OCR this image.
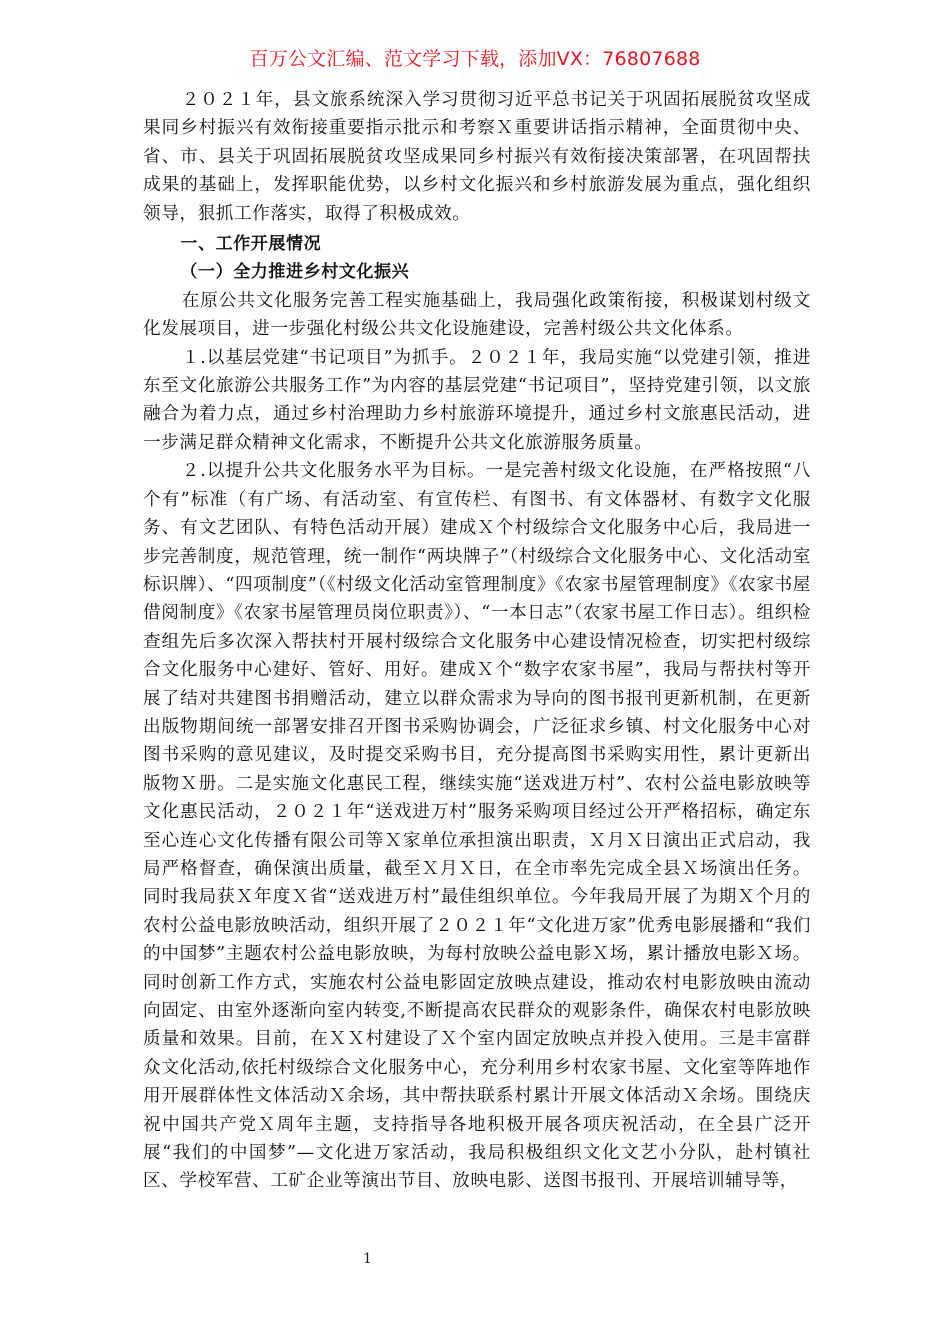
百万公文汇编、范文学习下载，添加VX：76807688

２０２１年，县文旅系统深入学习贯彻习近平总书记关于巩固拓展脱贫攻坚成果同乡村振兴有效衔接重要指示批示和考察Ｘ重要讲话指示精神，全面贯彻中央、省、市、县关于巩固拓展脱贫攻坚成果同乡村振兴有效衔接决策部署，在巩固帮扶成果的基础上，发挥职能优势，以乡村文化振兴和乡村旅游发展为重点，强化组织领导，狠抓工作落实，取得了积极成效。

一、工作开展情况

（一）全力推进乡村文化振兴

在原公共文化服务完善工程实施基础上，我局强化政策衔接，积极谋划村级文化发展项目，进一步强化村级公共文化设施建设，完善村级公共文化体系。

１.以基层党建“书记项目”为抓手。２０２１年，我局实施“以党建引领，推进东至文化旅游公共服务工作”为内容的基层党建“书记项目”，坚持党建引领，以文旅融合为着力点，通过乡村治理助力乡村旅游环境提升，通过乡村文旅惠民活动，进一步满足群众精神文化需求，不断提升公共文化旅游服务质量。

２.以提升公共文化服务水平为目标。一是完善村级文化设施，在严格按照“八个有”标准（有广场、有活动室、有宣传栏、有图书、有文体器材、有数字文化服务、有文艺团队、有特色活动开展）建成Ｘ个村级综合文化服务中心后，我局进一步完善制度，规范管理，统一制作“两块牌子”（村级综合文化服务中心、文化活动室标识牌）、“四项制度”（《村级文化活动室管理制度》《农家书屋管理制度》《农家书屋借阅制度》《农家书屋管理员岗位职责》）、“一本日志”（农家书屋工作日志）。组织检查组先后多次深入帮扶村开展村级综合文化服务中心建设情况检查，切实把村级综合文化服务中心建好、管好、用好。建成Ｘ个“数字农家书屋”，我局与帮扶村等开展了结对共建图书捐赠活动，建立以群众需求为导向的图书报刊更新机制，在更新出版物期间统一部署安排召开图书采购协调会，广泛征求乡镇、村文化服务中心对图书采购的意见建议，及时提交采购书目，充分提高图书采购实用性，累计更新出版物Ｘ册。二是实施文化惠民工程，继续实施“送戏进万村”、农村公益电影放映等文化惠民活动，２０２１年“送戏进万村”服务采购项目经过公开严格招标，确定东至心连心文化传播有限公司等Ｘ家单位承担演出职责，Ｘ月Ｘ日演出正式启动，我局严格督查，确保演出质量，截至Ｘ月Ｘ日，在全市率先完成全县Ｘ场演出任务。同时我局获Ｘ年度Ｘ省“送戏进万村”最佳组织单位。今年我局开展了为期Ｘ个月的农村公益电影放映活动，组织开展了２０２１年“文化进万家”优秀电影展播和“我们的中国梦”主题农村公益电影放映，为每村放映公益电影Ｘ场，累计播放电影Ｘ场。同时创新工作方式，实施农村公益电影固定放映点建设，推动农村电影放映由流动向固定、由室外逐渐向室内转变,不断提高农民群众的观影条件，确保农村电影放映质量和效果。目前，在ＸＸ村建设了Ｘ个室内固定放映点并投入使用。三是丰富群众文化活动,依托村级综合文化服务中心，充分利用乡村农家书屋、文化室等阵地作用开展群体性文体活动Ｘ余场，其中帮扶联系村累计开展文体活动Ｘ余场。围绕庆祝中国共产党Ｘ周年主题，支持指导各地积极开展各项庆祝活动，在全县广泛开展“我们的中国梦”—文化进万家活动，我局积极组织文化文艺小分队，赴村镇社区、学校军营、工矿企业等演出节目、放映电影、送图书报刊、开展培训辅导等，

1
